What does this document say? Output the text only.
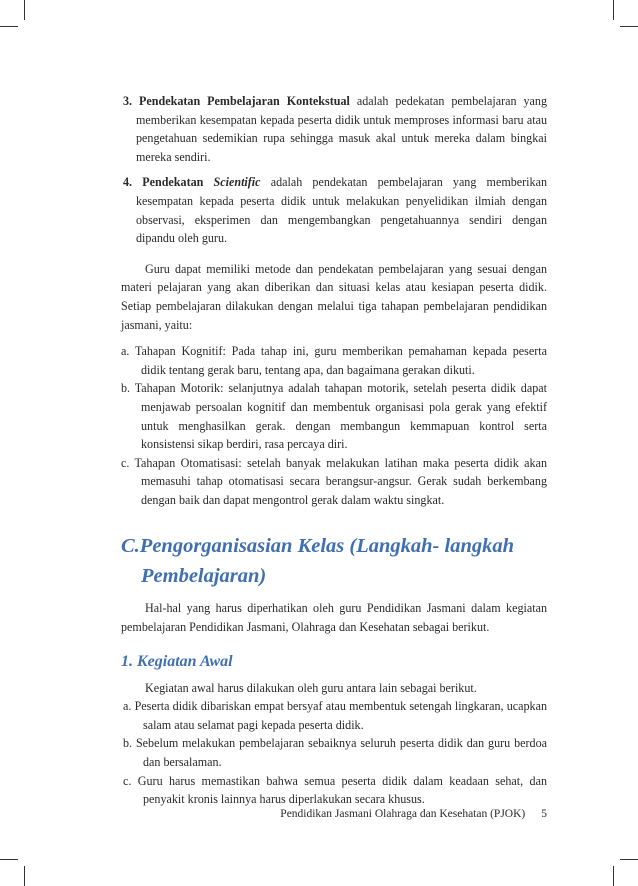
3. Pendekatan Pembelajaran Kontekstual adalah pedekatan pembelajaran yang memberikan kesempatan kepada peserta didik untuk memproses informasi baru atau pengetahuan sedemikian rupa sehingga masuk akal untuk mereka dalam bingkai mereka sendiri.

4. Pendekatan Scientific adalah pendekatan pembelajaran yang memberikan kesempatan kepada peserta didik untuk melakukan penyelidikan ilmiah dengan observasi, eksperimen dan mengembangkan pengetahuannya sendiri dengan dipandu oleh guru.

Guru dapat memiliki metode dan pendekatan pembelajaran yang sesuai dengan materi pelajaran yang akan diberikan dan situasi kelas atau kesiapan peserta didik. Setiap pembelajaran dilakukan dengan melalui tiga tahapan pembelajaran pendidikan jasmani, yaitu:

a. Tahapan Kognitif: Pada tahap ini, guru memberikan pemahaman kepada peserta didik tentang gerak baru, tentang apa, dan bagaimana gerakan dikuti.

b. Tahapan Motorik: selanjutnya adalah tahapan motorik, setelah peserta didik dapat menjawab persoalan kognitif dan membentuk organisasi pola gerak yang efektif untuk menghasilkan gerak. dengan membangun kemmapuan kontrol serta konsistensi sikap berdiri, rasa percaya diri.

c. Tahapan Otomatisasi: setelah banyak melakukan latihan maka peserta didik akan memasuhi tahap otomatisasi secara berangsur-angsur. Gerak sudah berkembang dengan baik dan dapat mengontrol gerak dalam waktu singkat.

C.Pengorganisasian Kelas (Langkah- langkah Pembelajaran)

Hal-hal yang harus diperhatikan oleh guru Pendidikan Jasmani dalam kegiatan pembelajaran Pendidikan Jasmani, Olahraga dan Kesehatan sebagai berikut.

1. Kegiatan Awal

Kegiatan awal harus dilakukan oleh guru antara lain sebagai berikut.

a. Peserta didik dibariskan empat bersyaf atau membentuk setengah lingkaran, ucapkan salam atau selamat pagi kepada peserta didik.

b. Sebelum melakukan pembelajaran sebaiknya seluruh peserta didik dan guru berdoa dan bersalaman.

c. Guru harus memastikan bahwa semua peserta didik dalam keadaan sehat, dan penyakit kronis lainnya harus diperlakukan secara khusus.

Pendidikan Jasmani Olahraga dan Kesehatan (PJOK) 5
